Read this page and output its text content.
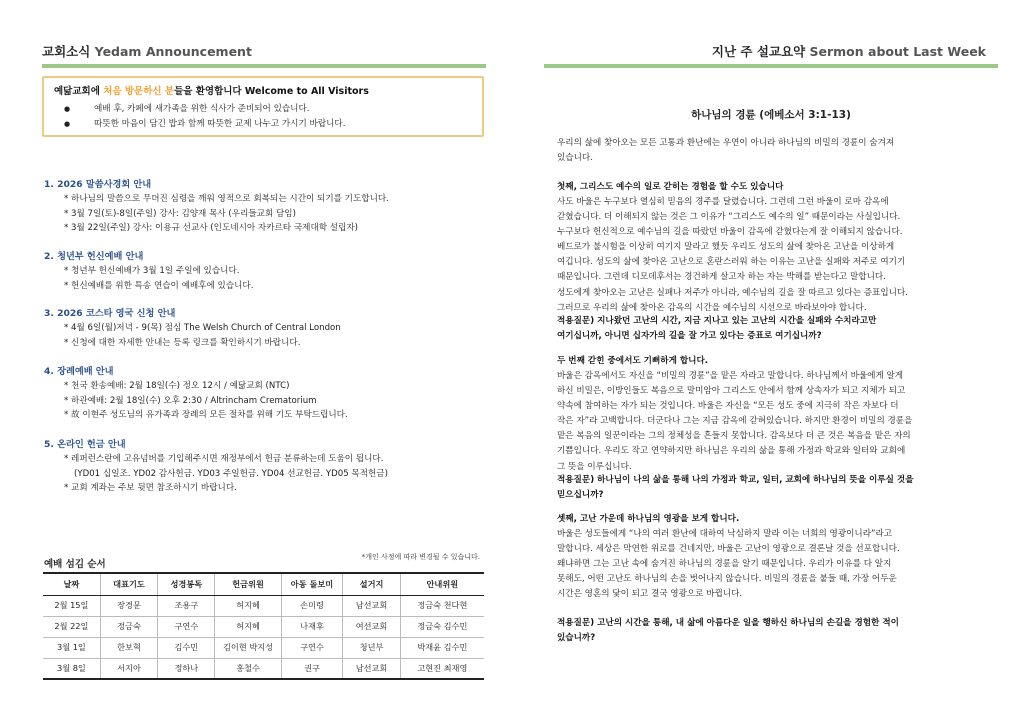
교회소식 Yedam Announcement
예닮교회에 처음 방문하신 분들을 환영합니다 Welcome to All Visitors
● 예배 후, 카페에 새가족을 위한 식사가 준비되어 있습니다.
● 따뜻한 마음이 담긴 밥과 함께 따뜻한 교제 나누고 가시기 바랍니다.
1. 2026 말씀사경회 안내
* 하나님의 말씀으로 무뎌진 심령을 깨워 영적으로 회복되는 시간이 되기를 기도합니다.
* 3월 7일(토)-8일(주일) 강사: 김양재 목사 (우리들교회 담임)
* 3월 22일(주일) 강사: 이용규 선교사 (인도네시아 자카르타 국제대학 설립자)
2. 청년부 헌신예배 안내
* 청년부 헌신예배가 3월 1일 주일에 있습니다.
* 헌신예배를 위한 특송 연습이 예배후에 있습니다.
3. 2026 코스타 영국 신청 안내
* 4월 6일(월)저녁 - 9(목) 점심 The Welsh Church of Central London
* 신청에 대한 자세한 안내는 등록 링크를 확인하시기 바랍니다.
4. 장례예배 안내
* 천국 환송예배: 2월 18일(수) 정오 12시 / 예닮교회 (NTC)
* 하관예배: 2월 18일(수) 오후 2:30 / Altrincham Crematorium
* 故 이현주 성도님의 유가족과 장례의 모든 절차를 위해 기도 부탁드립니다.
5. 온라인 헌금 안내
* 레퍼런스란에 고유넘버를 기입해주시면 재정부에서 헌금 분류하는데 도움이 됩니다.
(YD01 십일조. YD02 감사헌금. YD03 주일헌금. YD04 선교헌금. YD05 목적헌금)
* 교회 계좌는 주보 뒷면 참조하시기 바랍니다.
예배 섬김 순서
*개인 사정에 따라 변경될 수 있습니다.
날짜	대표기도	성경봉독	헌금위원	아동 돌보미	설거지	안내위원
2월 15일	장경문	조용구	허지혜	손미령	남선교회	정금숙 천다현
2월 22일	정금숙	구연수	허지혜	나재후	여선교회	정금숙 김수민
3월 1일	한보혁	김수민	김이현 박지성	구연수	청년부	박재윤 김수민
3월 8일	서지아	정하나	홍철수	권구	남선교회	고현진 최재영
지난 주 설교요약 Sermon about Last Week
하나님의 경륜 (에베소서 3:1-13)

우리의 삶에 찾아오는 모든 고통과 환난에는 우연이 아니라 하나님의 비밀의 경륜이 숨겨져

있습니다.

첫째, 그리스도 예수의 일로 갇히는 경험을 할 수도 있습니다

사도 바울은 누구보다 열심히 믿음의 경주를 달렸습니다. 그런데 그런 바울이 로마 감옥에

갇혔습니다. 더 이해되지 않는 것은 그 이유가 “그리스도 예수의 일” 때문이라는 사실입니다.

누구보다 헌신적으로 예수님의 길을 따랐던 바울이 감옥에 갇혔다는게 잘 이해되지 않습니다.

베드로가 불시험을 이상히 여기지 말라고 했듯 우리도 성도의 삶에 찾아온 고난을 이상하게

여깁니다. 성도의 삶에 찾아온 고난으로 혼란스러워 하는 이유는 고난을 실패와 저주로 여기기

때문입니다. 그런데 디모데후서는 경건하게 살고자 하는 자는 박해를 받는다고 말합니다.

성도에게 찾아오는 고난은 실패나 저주가 아니라, 예수님의 길을 잘 따르고 있다는 증표입니다.

그러므로 우리의 삶에 찾아온 감옥의 시간을 예수님의 시선으로 바라보아야 합니다.

적용질문) 지나왔던 고난의 시간, 지금 지나고 있는 고난의 시간을 실패와 수치라고만

여기십니까, 아니면 십자가의 길을 잘 가고 있다는 증표로 여기십니까?

두 번째 갇힌 중에서도 기뻐하게 합니다.

바울은 감옥에서도 자신을 “비밀의 경륜”을 맡은 자라고 말합니다. 하나님께서 바울에게 알게

하신 비밀은, 이방인들도 복음으로 말미암아 그리스도 안에서 함께 상속자가 되고 지체가 되고

약속에 참여하는 자가 되는 것입니다. 바울은 자신을 “모든 성도 중에 지극히 작은 자보다 더

작은 자”라 고백합니다. 더군다나 그는 지금 감옥에 갇혀있습니다. 하지만 환경이 비밀의 경륜을

맡은 복음의 일꾼이라는 그의 정체성을 흔들지 못합니다. 감옥보다 더 큰 것은 복음을 맡은 자의

기쁨입니다. 우리도 작고 연약하지만 하나님은 우리의 삶을 통해 가정과 학교와 일터와 교회에

그 뜻을 이루십니다.

적용질문) 하나님이 나의 삶을 통해 나의 가정과 학교, 일터, 교회에 하나님의 뜻을 이루실 것을

믿으십니까?

셋째, 고난 가운데 하나님의 영광을 보게 합니다.

바울은 성도들에게 “나의 여러 환난에 대하여 낙심하지 말라 이는 너희의 영광이니라”라고

말합니다. 세상은 막연한 위로를 건네지만, 바울은 고난이 영광으로 결론날 것을 선포합니다.

왜냐하면 그는 고난 속에 숨겨진 하나님의 경륜을 알기 때문입니다. 우리가 이유를 다 알지

못해도, 어떤 고난도 하나님의 손을 벗어나지 않습니다. 비밀의 경륜을 붙들 때, 가장 어두운

시간은 영혼의 닻이 되고 결국 영광으로 바뀝니다.

적용질문) 고난의 시간을 통해, 내 삶에 아름다운 일을 행하신 하나님의 손길을 경험한 적이

있습니까?
